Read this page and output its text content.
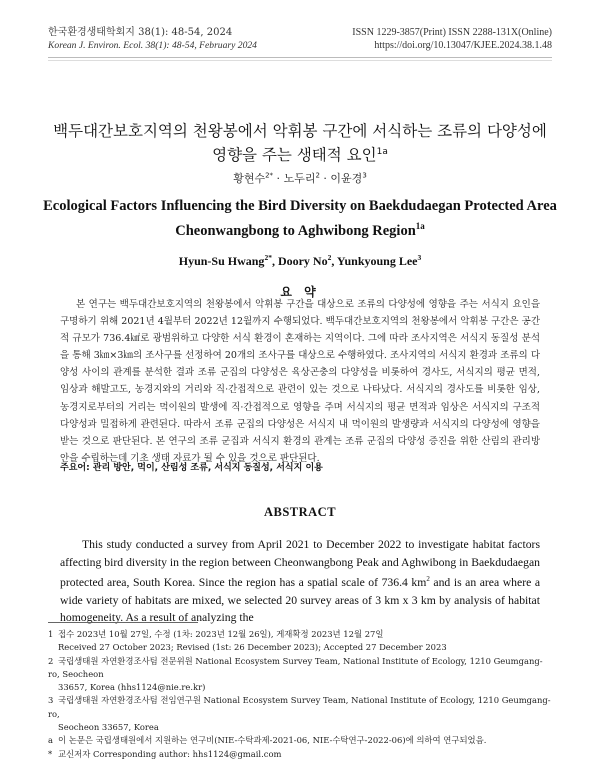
한국환경생태학회지 38(1): 48-54, 2024
Korean J. Environ. Ecol. 38(1): 48-54, February 2024
ISSN 1229-3857(Print) ISSN 2288-131X(Online)
https://doi.org/10.13047/KJEE.2024.38.1.48
백두대간보호지역의 천왕봉에서 악휘봉 구간에 서식하는 조류의 다양성에
영향을 주는 생태적 요인$^{1a}$
황현수$^{2*}$ · 노두리$^2$ · 이윤경$^3$
Ecological Factors Influencing the Bird Diversity on Baekdudaegan Protected Area
Cheonwangbong to Aghwibong Region$^{1a}$
Hyun-Su Hwang$^{2*}$, Doory No$^2$, Yunkyoung Lee$^3$
요 약
본 연구는 백두대간보호지역의 천왕봉에서 악휘봉 구간을 대상으로 조류의 다양성에 영향을 주는 서식지 요인을 구명하기 위해 2021년 4월부터 2022년 12월까지 수행되었다. 백두대간보호지역의 천왕봉에서 악휘봉 구간은 공간적 규모가 736.4㎢로 광범위하고 다양한 서식 환경이 혼재하는 지역이다. 그에 따라 조사지역은 서식지 동질성 분석을 통해 3㎞×3㎞의 조사구를 선정하여 20개의 조사구를 대상으로 수행하였다. 조사지역의 서식지 환경과 조류의 다양성 사이의 관계를 분석한 결과 조류 군집의 다양성은 육상곤충의 다양성을 비롯하여 경사도, 서식지의 평균 면적, 임상과 해발고도, 농경지와의 거리와 직·간접적으로 관련이 있는 것으로 나타났다. 서식지의 경사도를 비롯한 임상, 농경지로부터의 거리는 먹이원의 발생에 직·간접적으로 영향을 주며 서식지의 평균 면적과 임상은 서식지의 구조적 다양성과 밀접하게 관련된다. 따라서 조류 군집의 다양성은 서식지 내 먹이원의 발생량과 서식지의 다양성에 영향을 받는 것으로 판단된다. 본 연구의 조류 군집과 서식지 환경의 관계는 조류 군집의 다양성 증진을 위한 산림의 관리방안을 수립하는데 기초 생태 자료가 될 수 있을 것으로 판단된다.
주요어: 관리 방안, 먹이, 산림성 조류, 서식지 동질성, 서식지 이용
ABSTRACT
This study conducted a survey from April 2021 to December 2022 to investigate habitat factors affecting bird diversity in the region between Cheonwangbong Peak and Aghwibong in Baekdudaegan protected area, South Korea. Since the region has a spatial scale of 736.4 $km^2$ and is an area where a wide variety of habitats are mixed, we selected 20 survey areas of 3 km x 3 km by analysis of habitat homogeneity. As a result of analyzing the
1 접수 2023년 10월 27일, 수정 (1차: 2023년 12월 26일), 게재확정 2023년 12월 27일
Received 27 October 2023; Revised (1st: 26 December 2023); Accepted 27 December 2023
2 국립생태원 자연환경조사팀 전문위원 National Ecosystem Survey Team, National Institute of Ecology, 1210 Geumgang-ro, Seocheon
33657, Korea (hhs1124@nie.re.kr)
3 국립생태원 자연환경조사팀 전임연구원 National Ecosystem Survey Team, National Institute of Ecology, 1210 Geumgang-ro,
Seocheon 33657, Korea
a 이 논문은 국립생태원에서 지원하는 연구비(NIE-수탁과제-2021-06, NIE-수탁연구-2022-06)에 의하여 연구되었음.
* 교신저자 Corresponding author: hhs1124@gmail.com
